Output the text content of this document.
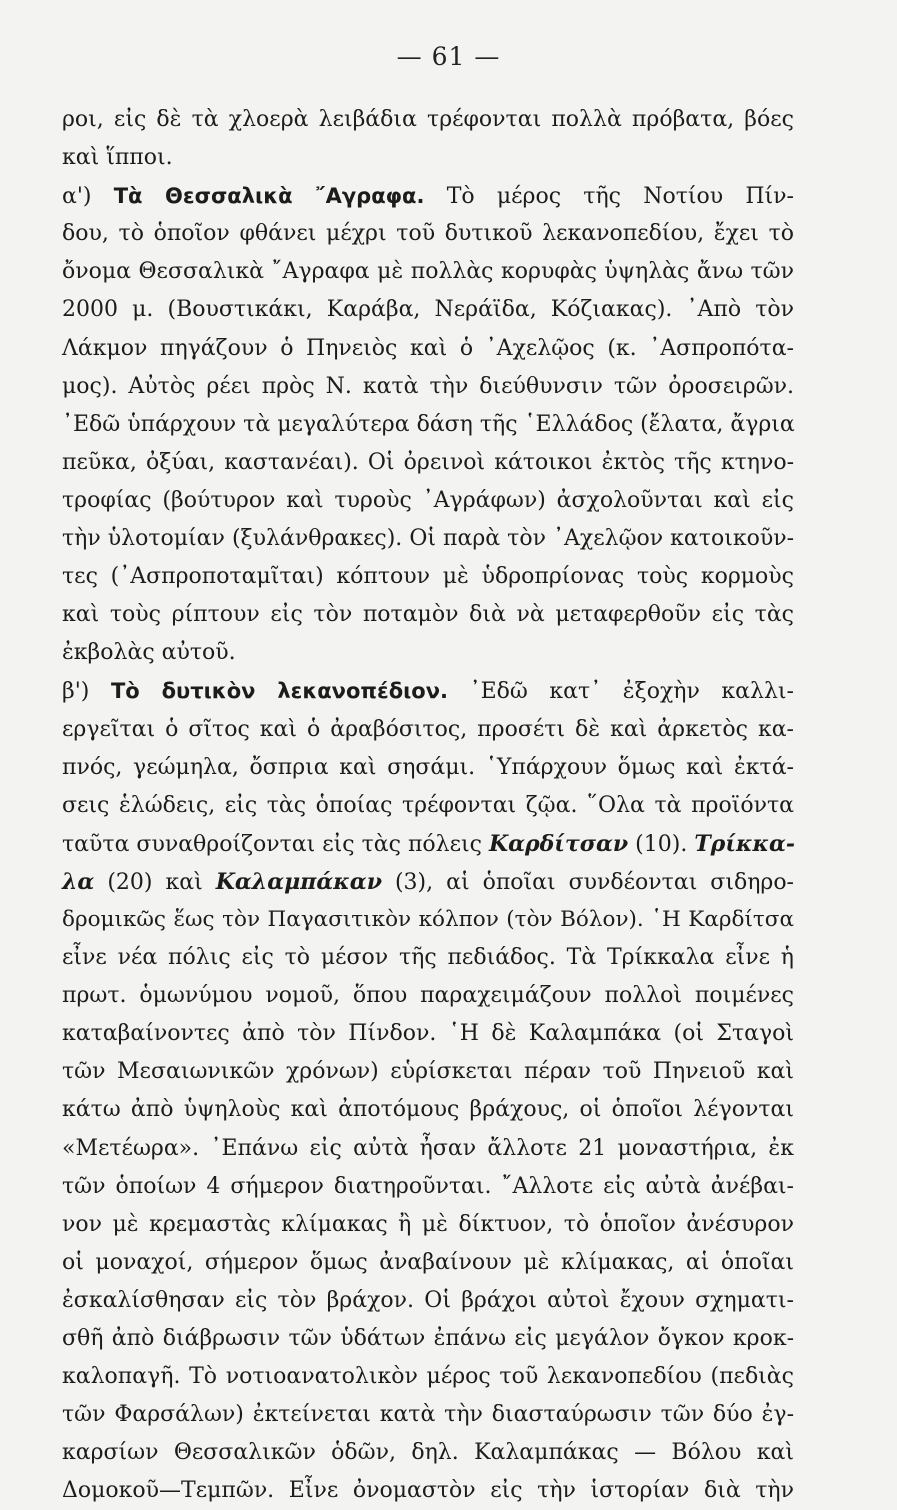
— 61 —
ροι, εἰς δὲ τὰ χλοερὰ λειβάδια τρέφονται πολλὰ πρόβατα, βόες
καὶ ἵπποι.
α') Τὰ Θεσσαλικὰ ῎Αγραφα. Τὸ μέρος τῆς Νοτίου Πίν-
δου, τὸ ὁποῖον φθάνει μέχρι τοῦ δυτικοῦ λεκανοπεδίου, ἔχει τὸ
ὄνομα Θεσσαλικὰ ῎Αγραφα μὲ πολλὰς κορυφὰς ὑψηλὰς ἄνω τῶν
2000 μ. (Βουστικάκι, Καράβα, Νεράϊδα, Κόζιακας). ᾿Απὸ τὸν
Λάκμον πηγάζουν ὁ Πηνειὸς καὶ ὁ ᾿Αχελῷος (κ. ᾿Ασπροπότα-
μος). Αὐτὸς ρέει πρὸς Ν. κατὰ τὴν διεύθυνσιν τῶν ὀροσειρῶν.
᾿Εδῶ ὑπάρχουν τὰ μεγαλύτερα δάση τῆς ῾Ελλάδος (ἔλατα, ἄγρια
πεῦκα, ὀξύαι, καστανέαι). Οἱ ὀρεινοὶ κάτοικοι ἐκτὸς τῆς κτηνο-
τροφίας (βούτυρον καὶ τυροὺς ᾿Αγράφων) ἀσχολοῦνται καὶ εἰς
τὴν ὑλοτομίαν (ξυλάνθρακες). Οἱ παρὰ τὸν ᾿Αχελῷον κατοικοῦν-
τες (᾿Ασπροποταμῖται) κόπτουν μὲ ὑδροπρίονας τοὺς κορμοὺς
καὶ τοὺς ρίπτουν εἰς τὸν ποταμὸν διὰ νὰ μεταφερθοῦν εἰς τὰς
ἐκβολὰς αὐτοῦ.
β') Τὸ δυτικὸν λεκανοπέδιον. ᾿Εδῶ κατ᾿ ἐξοχὴν καλλι-
εργεῖται ὁ σῖτος καὶ ὁ ἀραβόσιτος, προσέτι δὲ καὶ ἀρκετὸς κα-
πνός, γεώμηλα, ὄσπρια καὶ σησάμι. ῾Υπάρχουν ὅμως καὶ ἐκτά-
σεις ἑλώδεις, εἰς τὰς ὁποίας τρέφονται ζῷα. ῞Ολα τὰ προϊόντα
ταῦτα συναθροίζονται εἰς τὰς πόλεις Καρδίτσαν (10). Τρίκκα-
λα (20) καὶ Καλαμπάκαν (3), αἱ ὁποῖαι συνδέονται σιδηρο-
δρομικῶς ἕως τὸν Παγασιτικὸν κόλπον (τὸν Βόλον). ῾Η Καρδίτσα
εἶνε νέα πόλις εἰς τὸ μέσον τῆς πεδιάδος. Τὰ Τρίκκαλα εἶνε ἡ
πρωτ. ὁμωνύμου νομοῦ, ὅπου παραχειμάζουν πολλοὶ ποιμένες
καταβαίνοντες ἀπὸ τὸν Πίνδον. ῾Η δὲ Καλαμπάκα (οἱ Σταγοὶ
τῶν Μεσαιωνικῶν χρόνων) εὑρίσκεται πέραν τοῦ Πηνειοῦ καὶ
κάτω ἀπὸ ὑψηλοὺς καὶ ἀποτόμους βράχους, οἱ ὁποῖοι λέγονται
«Μετέωρα». ᾿Επάνω εἰς αὐτὰ ἦσαν ἄλλοτε 21 μοναστήρια, ἐκ
τῶν ὁποίων 4 σήμερον διατηροῦνται. ῎Αλλοτε εἰς αὐτὰ ἀνέβαι-
νον μὲ κρεμαστὰς κλίμακας ἢ μὲ δίκτυον, τὸ ὁποῖον ἀνέσυρον
οἱ μοναχοί, σήμερον ὅμως ἀναβαίνουν μὲ κλίμακας, αἱ ὁποῖαι
ἐσκαλίσθησαν εἰς τὸν βράχον. Οἱ βράχοι αὐτοὶ ἔχουν σχηματι-
σθῆ ἀπὸ διάβρωσιν τῶν ὑδάτων ἐπάνω εἰς μεγάλον ὄγκον κροκ-
καλοπαγῆ. Τὸ νοτιοανατολικὸν μέρος τοῦ λεκανοπεδίου (πεδιὰς
τῶν Φαρσάλων) ἐκτείνεται κατὰ τὴν διασταύρωσιν τῶν δύο ἐγ-
καρσίων Θεσσαλικῶν ὁδῶν, δηλ. Καλαμπάκας — Βόλου καὶ
Δομοκοῦ—Τεμπῶν. Εἶνε ὀνομαστὸν εἰς τὴν ἱστορίαν διὰ τὴν
